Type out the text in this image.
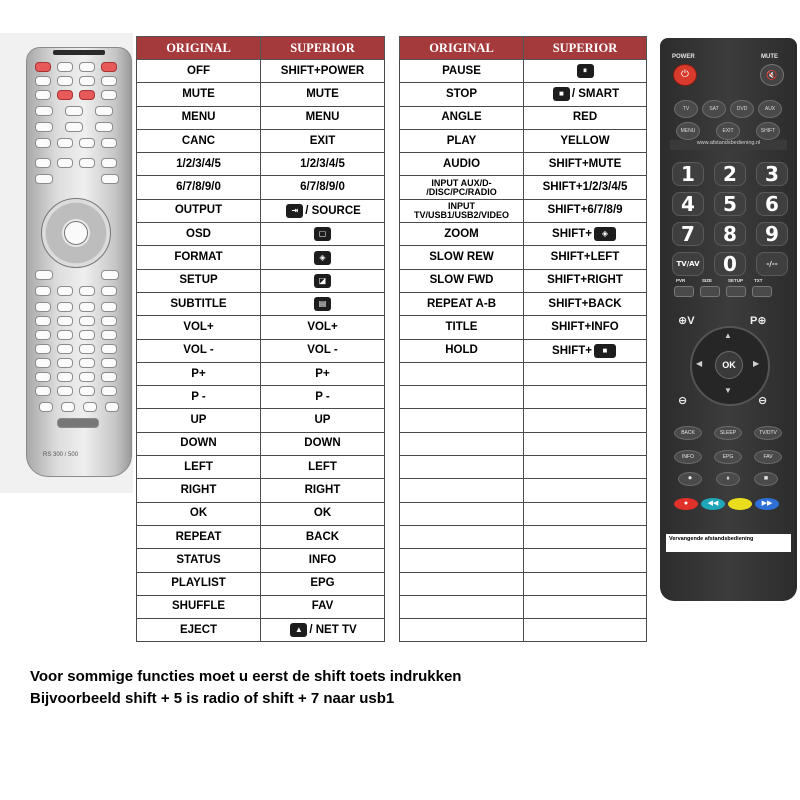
RS 300 / 500
ORIGINAL	SUPERIOR
OFF	SHIFT+POWER
MUTE	MUTE
MENU	MENU
CANC	EXIT
1/2/3/4/5	1/2/3/4/5
6/7/8/9/0	6/7/8/9/0
OUTPUT	⇥ / SOURCE
OSD	▢

FORMAT	◈

SETUP	◪

SUBTITLE	▤

VOL+	VOL+
VOL -	VOL -
P+	P+
P -	P -
UP	UP
DOWN	DOWN
LEFT	LEFT
RIGHT	RIGHT
OK	OK
REPEAT	BACK
STATUS	INFO
PLAYLIST	EPG
SHUFFLE	FAV
EJECT	▲ / NET TV
ORIGINAL	SUPERIOR
PAUSE	⏸

STOP	■ / SMART
ANGLE	RED
PLAY	YELLOW
AUDIO	SHIFT+MUTE
INPUT AUX/D-
/DISC/PC/RADIO	SHIFT+1/2/3/4/5
INPUT
TV/USB1/USB2/VIDEO	SHIFT+6/7/8/9
ZOOM	SHIFT+ ◈

SLOW REW	SHIFT+LEFT
SLOW FWD	SHIFT+RIGHT
REPEAT A-B	SHIFT+BACK
TITLE	SHIFT+INFO
HOLD	SHIFT+ ■

POWER	MUTE
⏻	🔇
TV	SAT	DVD	AUX
MENU	EXIT	SHIFT
www.afstandsbediening.nl
1	2	3
4	5	6
7	8	9
TV/AV	0	-/--
PVR	SIZE	SETUP TXT
⊕V	P⊕
OK
▲
▼
◀	▶
⊖	⊖
BACK	SLEEP	TV/DTV
INFO	EPG	FAV
⏺	⏸	■
●	◀◀	▶▶
Vervangende afstandsbediening
Voor sommige functies moet u eerst de shift toets indrukken
Bijvoorbeeld shift + 5 is radio of shift + 7 naar usb1
